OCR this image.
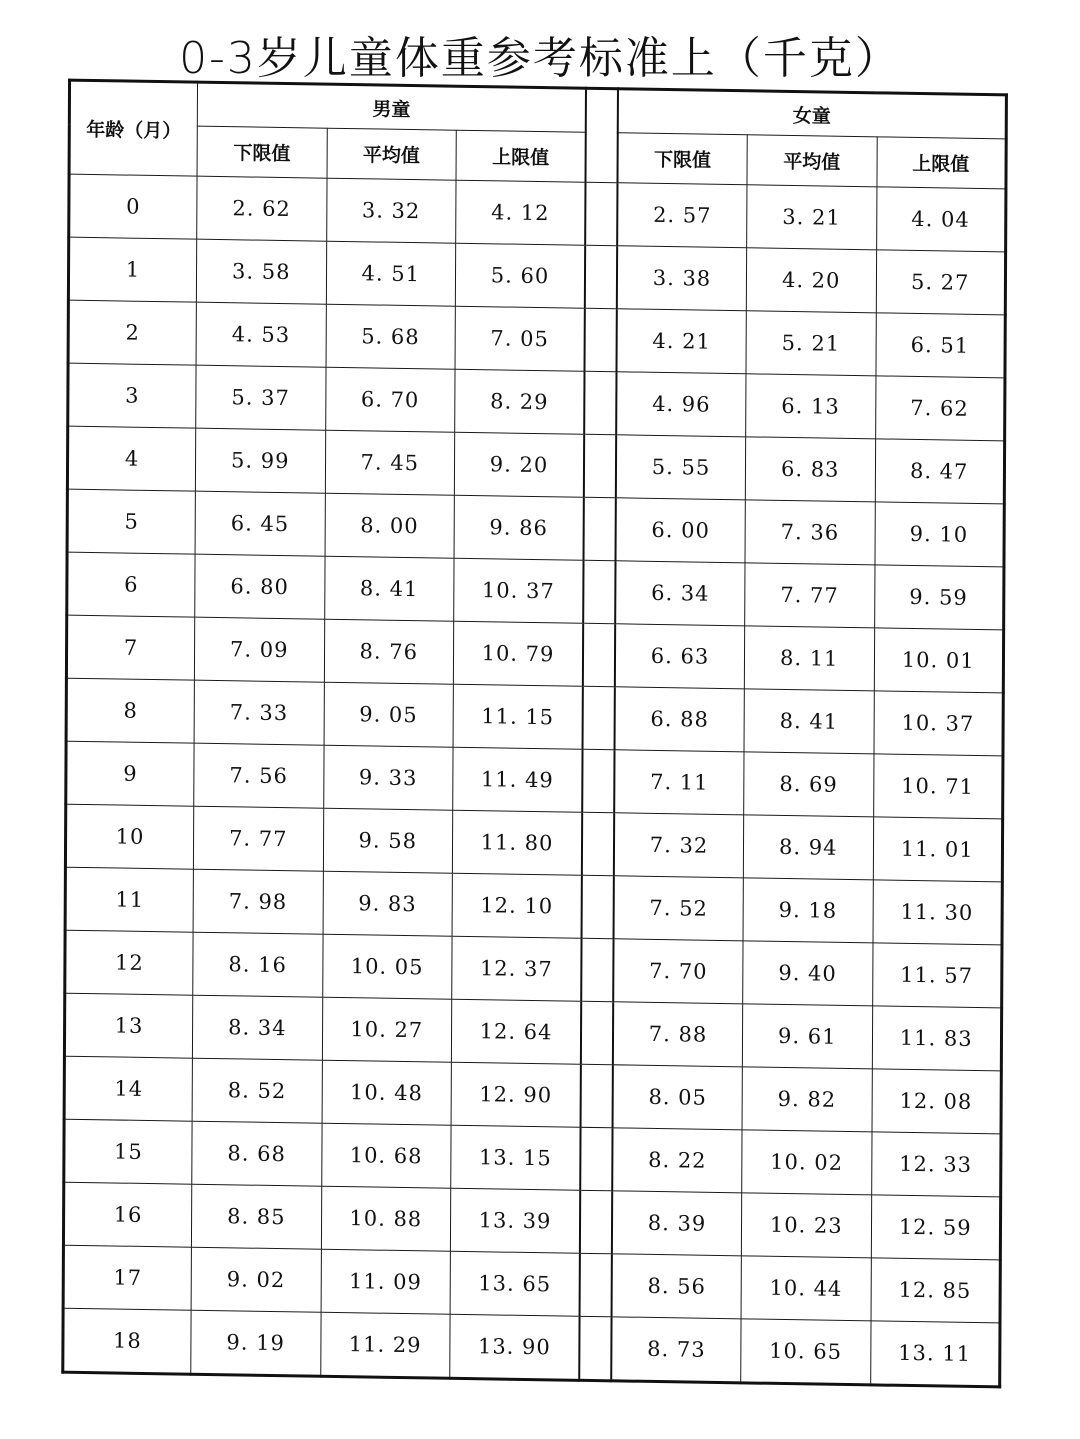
0-3岁儿童体重参考标准上（千克）
年龄（月）	男童				女童		
	下限值	平均值	上限值		下限值	平均值	上限值
0	2. 62	3. 32	4. 12		2. 57	3. 21	4. 04
1	3. 58	4. 51	5. 60		3. 38	4. 20	5. 27
2	4. 53	5. 68	7. 05		4. 21	5. 21	6. 51
3	5. 37	6. 70	8. 29		4. 96	6. 13	7. 62
4	5. 99	7. 45	9. 20		5. 55	6. 83	8. 47
5	6. 45	8. 00	9. 86		6. 00	7. 36	9. 10
6	6. 80	8. 41	10. 37		6. 34	7. 77	9. 59
7	7. 09	8. 76	10. 79		6. 63	8. 11	10. 01
8	7. 33	9. 05	11. 15		6. 88	8. 41	10. 37
9	7. 56	9. 33	11. 49		7. 11	8. 69	10. 71
10	7. 77	9. 58	11. 80		7. 32	8. 94	11. 01
11	7. 98	9. 83	12. 10		7. 52	9. 18	11. 30
12	8. 16	10. 05	12. 37		7. 70	9. 40	11. 57
13	8. 34	10. 27	12. 64		7. 88	9. 61	11. 83
14	8. 52	10. 48	12. 90		8. 05	9. 82	12. 08
15	8. 68	10. 68	13. 15		8. 22	10. 02	12. 33
16	8. 85	10. 88	13. 39		8. 39	10. 23	12. 59
17	9. 02	11. 09	13. 65		8. 56	10. 44	12. 85
18	9. 19	11. 29	13. 90		8. 73	10. 65	13. 11
